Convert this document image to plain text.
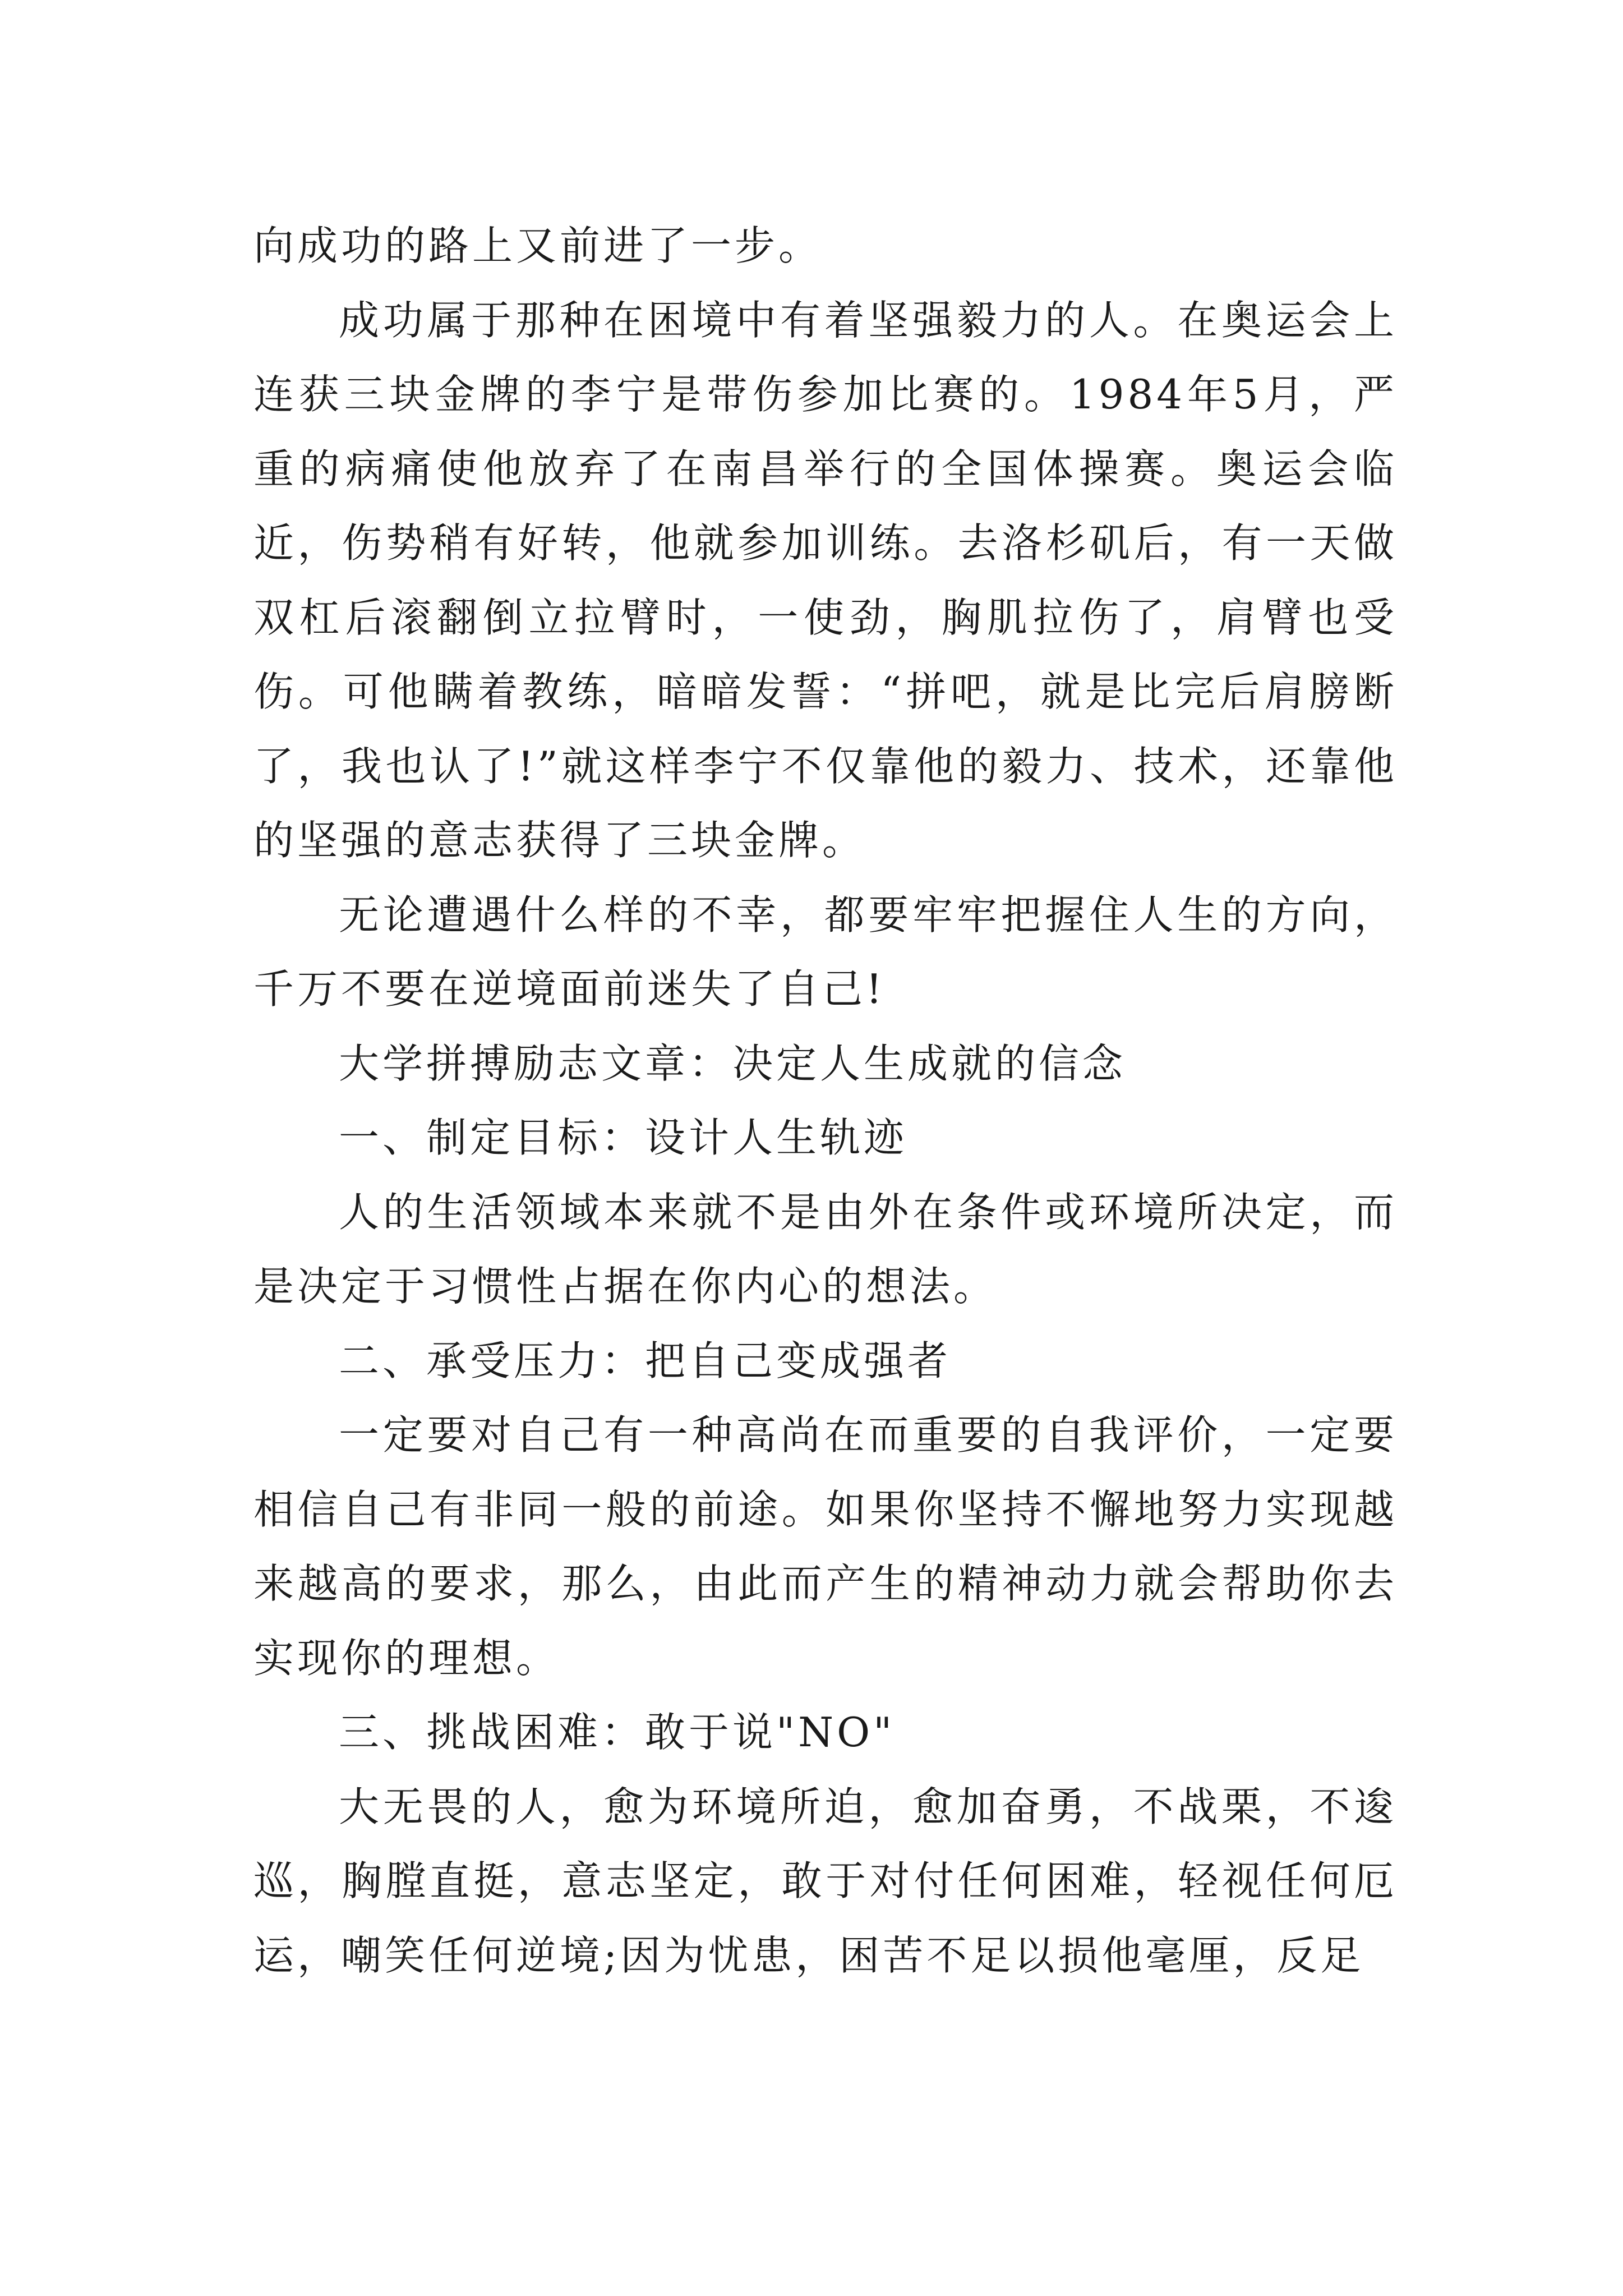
向成功的路上又前进了一步。

成功属于那种在困境中有着坚强毅力的人。在奥运会上连获三块金牌的李宁是带伤参加比赛的。1984年5月，严重的病痛使他放弃了在南昌举行的全国体操赛。奥运会临近，伤势稍有好转，他就参加训练。去洛杉矶后，有一天做双杠后滚翻倒立拉臂时，一使劲，胸肌拉伤了，肩臂也受伤。可他瞒着教练，暗暗发誓：“拼吧，就是比完后肩膀断了，我也认了!”就这样李宁不仅靠他的毅力、技术，还靠他的坚强的意志获得了三块金牌。

无论遭遇什么样的不幸，都要牢牢把握住人生的方向，千万不要在逆境面前迷失了自己!

大学拼搏励志文章：决定人生成就的信念

一、制定目标：设计人生轨迹

人的生活领域本来就不是由外在条件或环境所决定，而是决定于习惯性占据在你内心的想法。

二、承受压力：把自己变成强者

一定要对自己有一种高尚在而重要的自我评价，一定要相信自己有非同一般的前途。如果你坚持不懈地努力实现越来越高的要求，那么，由此而产生的精神动力就会帮助你去实现你的理想。

三、挑战困难：敢于说"NO"

大无畏的人，愈为环境所迫，愈加奋勇，不战栗，不逡巡，胸膛直挺，意志坚定，敢于对付任何困难，轻视任何厄运，嘲笑任何逆境;因为忧患，困苦不足以损他毫厘，反足
